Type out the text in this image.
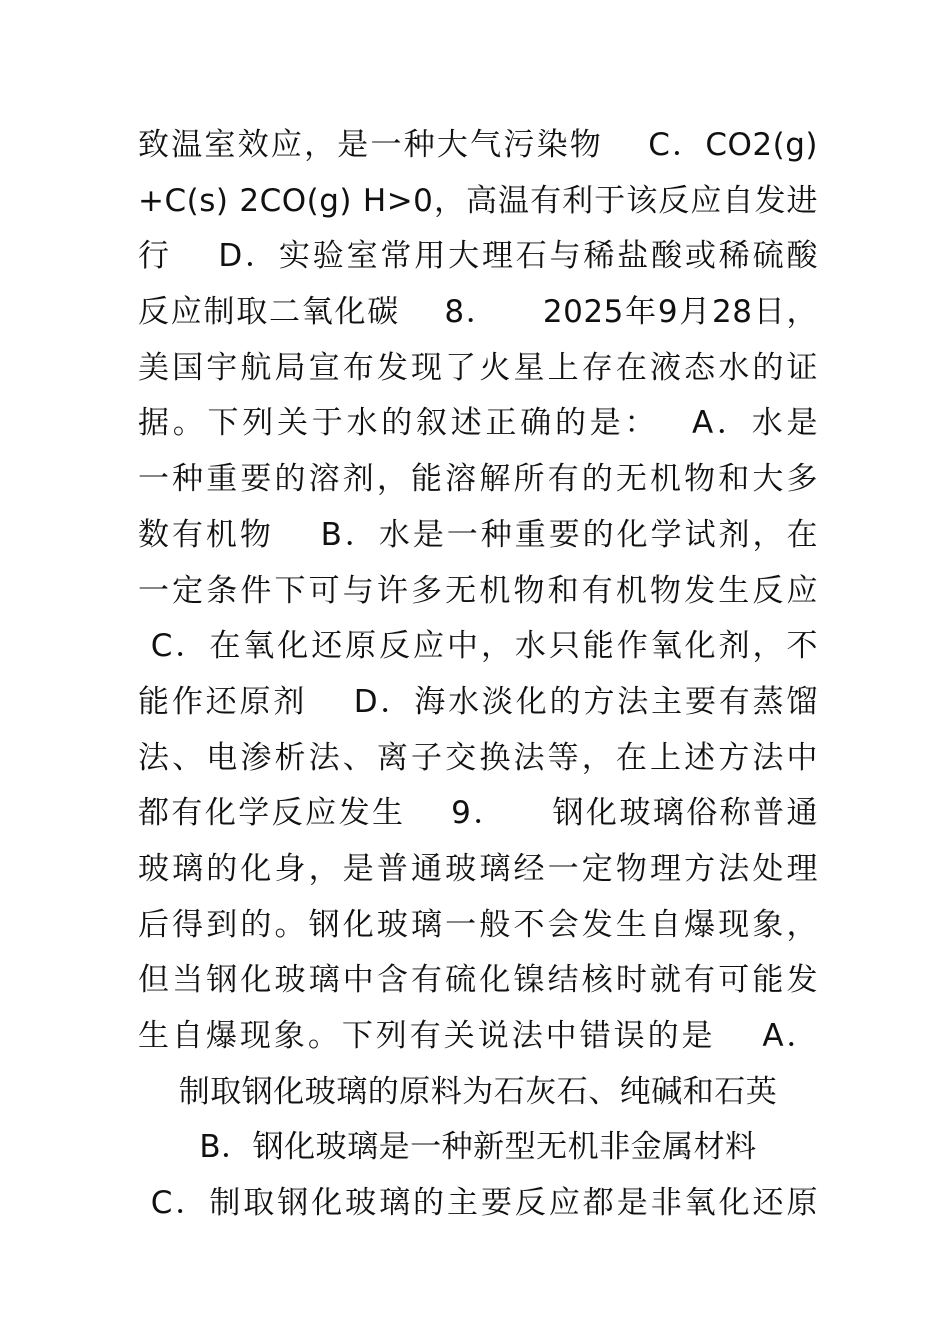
致温室效应，是一种大气污染物　 C．CO2(g)
+C(s) 2CO(g) H>0，高温有利于该反应自发进
行　 D．实验室常用大理石与稀盐酸或稀硫酸
反应制取二氧化碳　 8． 　2025年9月28日，
美国宇航局宣布发现了火星上存在液态水的证
据。下列关于水的叙述正确的是：　 A．水是
一种重要的溶剂，能溶解所有的无机物和大多
数有机物　 B．水是一种重要的化学试剂，在
一定条件下可与许多无机物和有机物发生反应
C．在氧化还原反应中，水只能作氧化剂，不
能作还原剂　 D．海水淡化的方法主要有蒸馏
法、电渗析法、离子交换法等，在上述方法中
都有化学反应发生　 9． 　钢化玻璃俗称普通
玻璃的化身，是普通玻璃经一定物理方法处理
后得到的。钢化玻璃一般不会发生自爆现象，
但当钢化玻璃中含有硫化镍结核时就有可能发
生自爆现象。下列有关说法中错误的是　 A．
制取钢化玻璃的原料为石灰石、纯碱和石英
B．钢化玻璃是一种新型无机非金属材料
C．制取钢化玻璃的主要反应都是非氧化还原
